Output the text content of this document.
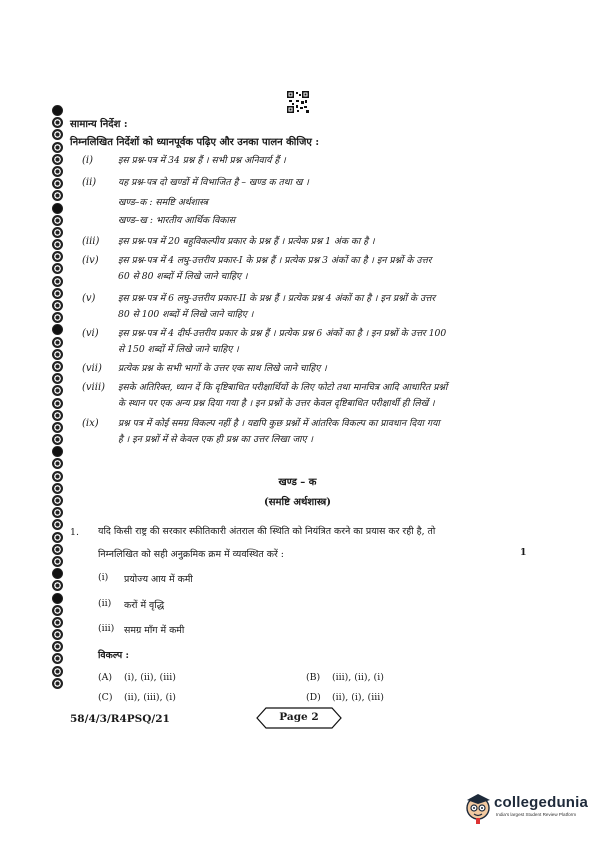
सामान्य निर्देश :
निम्नलिखित निर्देशों को ध्यानपूर्वक पढ़िए और उनका पालन कीजिए :
(i)	इस प्रश्न-पत्र में 34 प्रश्न हैं । सभी प्रश्न अनिवार्य हैं ।
(ii)	यह प्रश्न-पत्र दो खण्डों में विभाजित है – खण्ड क तथा ख ।
खण्ड–क : समष्टि अर्थशास्त्र
खण्ड–ख : भारतीय आर्थिक विकास
(iii)	इस प्रश्न-पत्र में 20 बहुविकल्पीय प्रकार के प्रश्न हैं । प्रत्येक प्रश्न 1 अंक का है ।
(iv)	इस प्रश्न-पत्र में 4 लघु-उत्तरीय प्रकार-I के प्रश्न हैं । प्रत्येक प्रश्न 3 अंकों का है । इन प्रश्नों के उत्तर
60 से 80 शब्दों में लिखे जाने चाहिए ।
(v)	इस प्रश्न-पत्र में 6 लघु-उत्तरीय प्रकार-II के प्रश्न हैं । प्रत्येक प्रश्न 4 अंकों का है । इन प्रश्नों के उत्तर
80 से 100 शब्दों में लिखे जाने चाहिए ।
(vi)	इस प्रश्न-पत्र में 4 दीर्घ-उत्तरीय प्रकार के प्रश्न हैं । प्रत्येक प्रश्न 6 अंकों का है । इन प्रश्नों के उत्तर 100
से 150 शब्दों में लिखे जाने चाहिए ।
(vii)	प्रत्येक प्रश्न के सभी भागों के उत्तर एक साथ लिखे जाने चाहिए ।
(viii)	इसके अतिरिक्त, ध्यान दें कि दृष्टिबाधित परीक्षार्थियों के लिए फोटो तथा मानचित्र आदि आधारित प्रश्नों
के स्थान पर एक अन्य प्रश्न दिया गया है । इन प्रश्नों के उत्तर केवल दृष्टिबाधित परीक्षार्थी ही लिखें ।
(ix)	प्रश्न पत्र में कोई समग्र विकल्प नहीं है । यद्यपि कुछ प्रश्नों में आंतरिक विकल्प का प्रावधान दिया गया
है । इन प्रश्नों में से केवल एक ही प्रश्न का उत्तर लिखा जाए ।
खण्ड – क
(समष्टि अर्थशास्त्र)
1. यदि किसी राष्ट्र की सरकार स्फीतिकारी अंतराल की स्थिति को नियंत्रित करने का प्रयास कर रही है, तो
निम्नलिखित को सही अनुक्रमिक क्रम में व्यवस्थित करें :	1
(i) प्रयोज्य आय में कमी
(ii) करों में वृद्धि
(iii) समग्र माँग में कमी
विकल्प :
(A) (i), (ii), (iii)	(B) (iii), (ii), (i)
(C) (ii), (iii), (i)	(D) (ii), (i), (iii)
58/4/3/R4PSQ/21	Page 2
collegedunia
India's largest Student Review Platform
